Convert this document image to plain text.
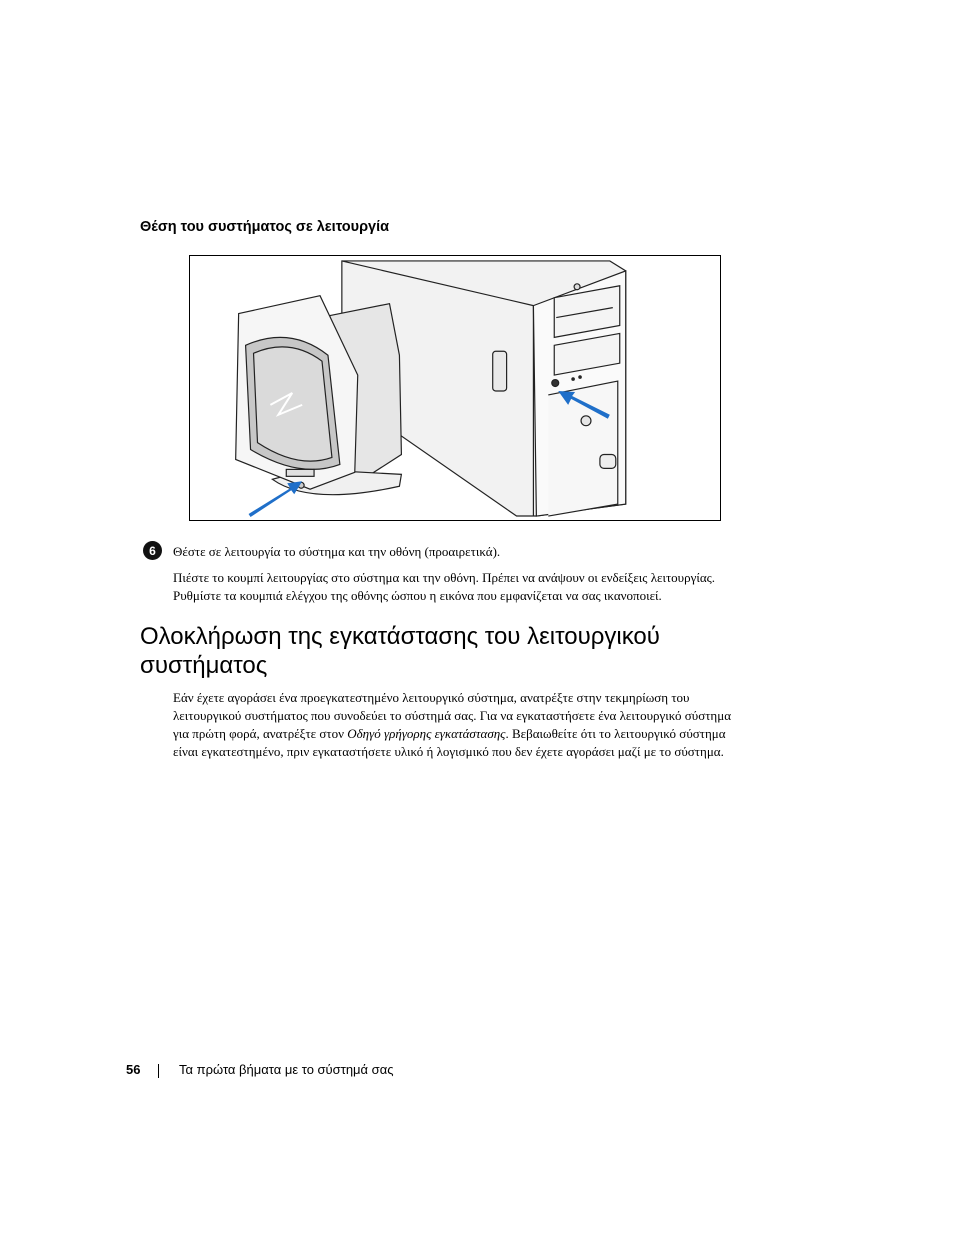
Θέση του συστήματος σε λειτουργία
6	Θέστε σε λειτουργία το σύστημα και την οθόνη (προαιρετικά).

Πιέστε το κουμπί λειτουργίας στο σύστημα και την οθόνη. Πρέπει να ανάψουν οι ενδείξεις λειτουργίας.

Ρυθμίστε τα κουμπιά ελέγχου της οθόνης ώσπου η εικόνα που εμφανίζεται να σας ικανοποιεί.

Ολοκλήρωση της εγκατάστασης του λειτουργικού
συστήματος

Εάν έχετε αγοράσει ένα προεγκατεστημένο λειτουργικό σύστημα, ανατρέξτε στην τεκμηρίωση του

λειτουργικού συστήματος που συνοδεύει το σύστημά σας. Για να εγκαταστήσετε ένα λειτουργικό σύστημα

για πρώτη φορά, ανατρέξτε στον Οδηγό γρήγορης εγκατάστασης. Βεβαιωθείτε ότι το λειτουργικό σύστημα

είναι εγκατεστημένο, πριν εγκαταστήσετε υλικό ή λογισμικό που δεν έχετε αγοράσει μαζί με το σύστημα.

56	Τα πρώτα βήματα με το σύστημά σας
